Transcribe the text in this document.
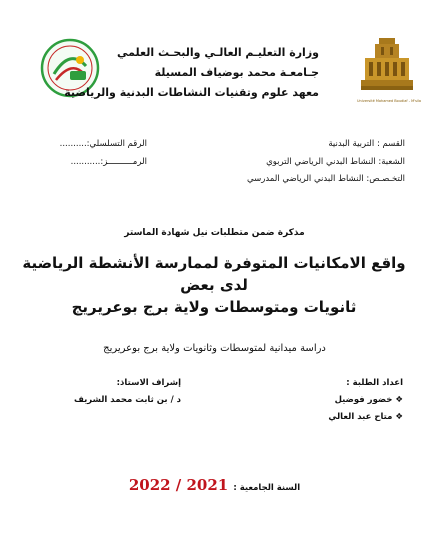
وزارة التعليـم العالـي والبحـث العلمي
جـامعـة محمد بوضياف المسيلة
معهد علوم وتقنيات النشاطات البدنية والرياضية
Université Mohamed Boudiaf - M'sila
القسم : التربية البدنية
الشعبة: النشاط البدني الرياضي التربوي
التخـصـص: النشاط البدني الرياضي المدرسي
الرقم التسلسلي:..........
الرمــــــــــز:...........
مذكرة ضمن متطلبات نيل شهادة الماستر
واقع الامكانيات المتوفرة لممارسة الأنشطة الرياضية لدى بعض
ثانويات ومتوسطات ولاية برج بوعريريج
دراسة ميدانية لمتوسطات وثانويات ولاية برج بوعريريج
اعداد الطلبة :
❖ خضور فوضيل
❖ متاح عبد العالي
إشراف الاستاذ:
د / بن ثابت محمد الشريف
2022 / 2021 السنة الجامعية :
